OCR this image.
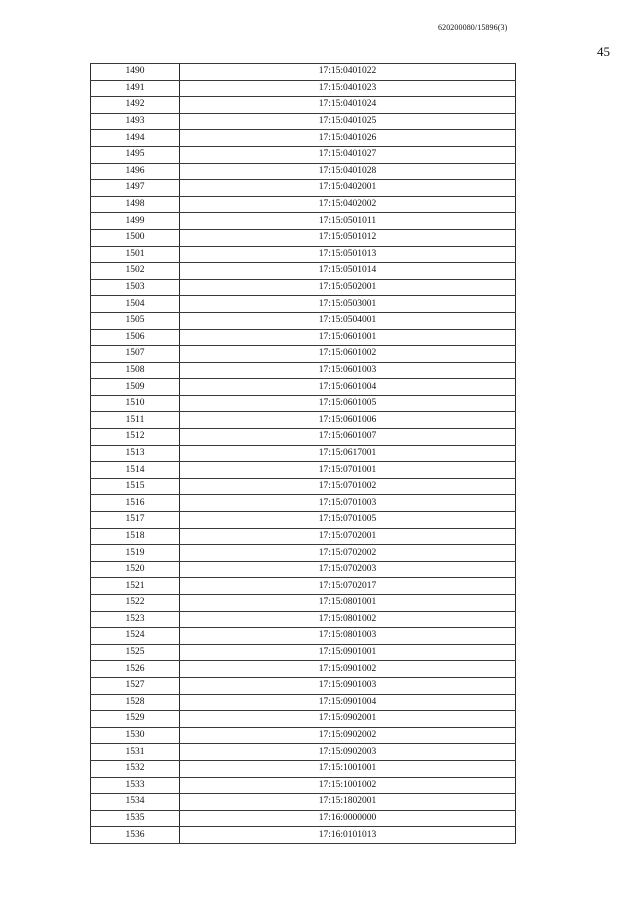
620200080/15896(3)
45
1490	17:15:0401022
1491	17:15:0401023
1492	17:15:0401024
1493	17:15:0401025
1494	17:15:0401026
1495	17:15:0401027
1496	17:15:0401028
1497	17:15:0402001
1498	17:15:0402002
1499	17:15:0501011
1500	17:15:0501012
1501	17:15:0501013
1502	17:15:0501014
1503	17:15:0502001
1504	17:15:0503001
1505	17:15:0504001
1506	17:15:0601001
1507	17:15:0601002
1508	17:15:0601003
1509	17:15:0601004
1510	17:15:0601005
1511	17:15:0601006
1512	17:15:0601007
1513	17:15:0617001
1514	17:15:0701001
1515	17:15:0701002
1516	17:15:0701003
1517	17:15:0701005
1518	17:15:0702001
1519	17:15:0702002
1520	17:15:0702003
1521	17:15:0702017
1522	17:15:0801001
1523	17:15:0801002
1524	17:15:0801003
1525	17:15:0901001
1526	17:15:0901002
1527	17:15:0901003
1528	17:15:0901004
1529	17:15:0902001
1530	17:15:0902002
1531	17:15:0902003
1532	17:15:1001001
1533	17:15:1001002
1534	17:15:1802001
1535	17:16:0000000
1536	17:16:0101013
